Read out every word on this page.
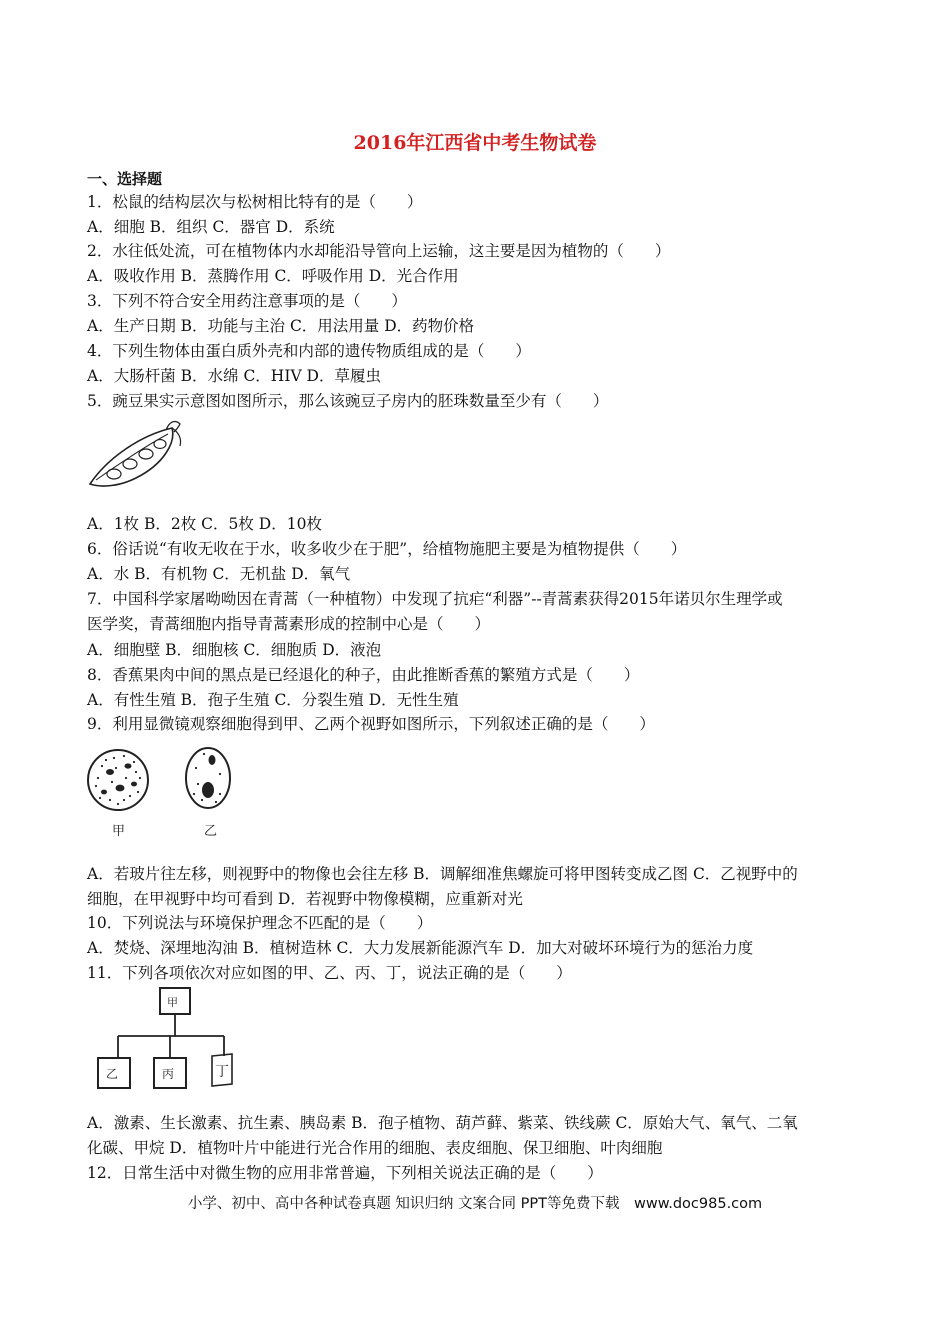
2016年江西省中考生物试卷
一、选择题
1．松鼠的结构层次与松树相比特有的是（　　）
A．细胞 B．组织 C．器官 D．系统
2．水往低处流，可在植物体内水却能沿导管向上运输，这主要是因为植物的（　　）
A．吸收作用 B．蒸腾作用 C．呼吸作用 D．光合作用
3．下列不符合安全用药注意事项的是（　　）
A．生产日期 B．功能与主治 C．用法用量 D．药物价格
4．下列生物体由蛋白质外壳和内部的遗传物质组成的是（　　）
A．大肠杆菌 B．水绵 C．HIV D．草履虫
5．豌豆果实示意图如图所示，那么该豌豆子房内的胚珠数量至少有（　　）
A．1枚 B．2枚 C．5枚 D．10枚
6．俗话说“有收无收在于水，收多收少在于肥”，给植物施肥主要是为植物提供（　　）
A．水 B．有机物 C．无机盐 D．氧气
7．中国科学家屠呦呦因在青蒿（一种植物）中发现了抗疟“利器”--青蒿素获得2015年诺贝尔生理学或
医学奖，青蒿细胞内指导青蒿素形成的控制中心是（　　）
A．细胞壁 B．细胞核 C．细胞质 D．液泡
8．香蕉果肉中间的黑点是已经退化的种子，由此推断香蕉的繁殖方式是（　　）
A．有性生殖 B．孢子生殖 C．分裂生殖 D．无性生殖
9．利用显微镜观察细胞得到甲、乙两个视野如图所示，下列叙述正确的是（　　）
甲	乙
A．若玻片往左移，则视野中的物像也会往左移 B．调解细准焦螺旋可将甲图转变成乙图 C．乙视野中的
细胞，在甲视野中均可看到 D．若视野中物像模糊，应重新对光
10．下列说法与环境保护理念不匹配的是（　　）
A．焚烧、深埋地沟油 B．植树造林 C．大力发展新能源汽车 D．加大对破坏环境行为的惩治力度
11．下列各项依次对应如图的甲、乙、丙、丁，说法正确的是（　　）
甲
乙	丙	丁
A．激素、生长激素、抗生素、胰岛素 B．孢子植物、葫芦藓、紫菜、铁线蕨 C．原始大气、氧气、二氧
化碳、甲烷 D．植物叶片中能进行光合作用的细胞、表皮细胞、保卫细胞、叶肉细胞
12．日常生活中对微生物的应用非常普遍，下列相关说法正确的是（　　）
小学、初中、高中各种试卷真题 知识归纳 文案合同 PPT等免费下载　www.doc985.com
